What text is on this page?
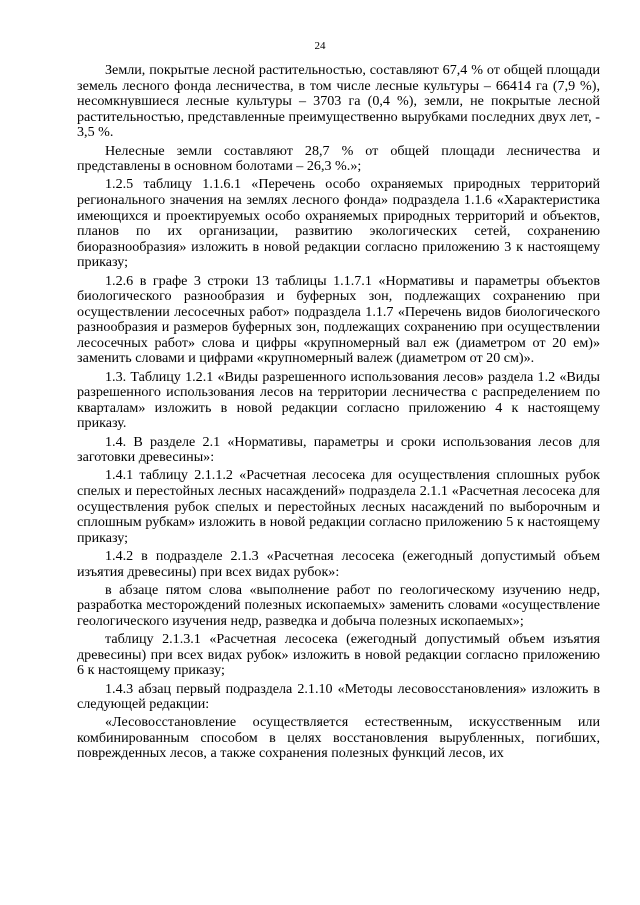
24

Земли, покрытые лесной растительностью, составляют 67,4 % от общей площади земель лесного фонда лесничества, в том числе лесные культуры – 66414 га (7,9 %), несомкнувшиеся лесные культуры – 3703 га (0,4 %), земли, не покрытые лесной растительностью, представленные преимущественно вырубками последних двух лет, - 3,5 %.

Нелесные земли составляют 28,7 % от общей площади лесничества и представлены в основном болотами – 26,3 %.»;

1.2.5 таблицу 1.1.6.1 «Перечень особо охраняемых природных территорий регионального значения на землях лесного фонда» подраздела 1.1.6 «Характеристика имеющихся и проектируемых особо охраняемых природных территорий и объектов, планов по их организации, развитию экологических сетей, сохранению биоразнообразия» изложить в новой редакции согласно приложению 3 к настоящему приказу;

1.2.6 в графе 3 строки 13 таблицы 1.1.7.1 «Нормативы и параметры объектов биологического разнообразия и буферных зон, подлежащих сохранению при осуществлении лесосечных работ» подраздела 1.1.7 «Перечень видов биологического разнообразия и размеров буферных зон, подлежащих сохранению при осуществлении лесосечных работ» слова и цифры «крупномерный вал еж (диаметром от 20 ем)» заменить словами и цифрами «крупномерный валеж (диаметром от 20 см)».

1.3. Таблицу 1.2.1 «Виды разрешенного использования лесов» раздела 1.2 «Виды разрешенного использования лесов на территории лесничества с распределением по кварталам» изложить в новой редакции согласно приложению 4 к настоящему приказу.

1.4. В разделе 2.1 «Нормативы, параметры и сроки использования лесов для заготовки древесины»:

1.4.1 таблицу 2.1.1.2 «Расчетная лесосека для осуществления сплошных рубок спелых и перестойных лесных насаждений» подраздела 2.1.1 «Расчетная лесосека для осуществления рубок спелых и перестойных лесных насаждений по выборочным и сплошным рубкам» изложить в новой редакции согласно приложению 5 к настоящему приказу;

1.4.2 в подразделе 2.1.3 «Расчетная лесосека (ежегодный допустимый объем изъятия древесины) при всех видах рубок»:

в абзаце пятом слова «выполнение работ по геологическому изучению недр, разработка месторождений полезных ископаемых» заменить словами «осуществление геологического изучения недр, разведка и добыча полезных ископаемых»;

таблицу 2.1.3.1 «Расчетная лесосека (ежегодный допустимый объем изъятия древесины) при всех видах рубок» изложить в новой редакции согласно приложению 6 к настоящему приказу;

1.4.3 абзац первый подраздела 2.1.10 «Методы лесовосстановления» изложить в следующей редакции:

«Лесовосстановление осуществляется естественным, искусственным или комбинированным способом в целях восстановления вырубленных, погибших, поврежденных лесов, а также сохранения полезных функций лесов, их
